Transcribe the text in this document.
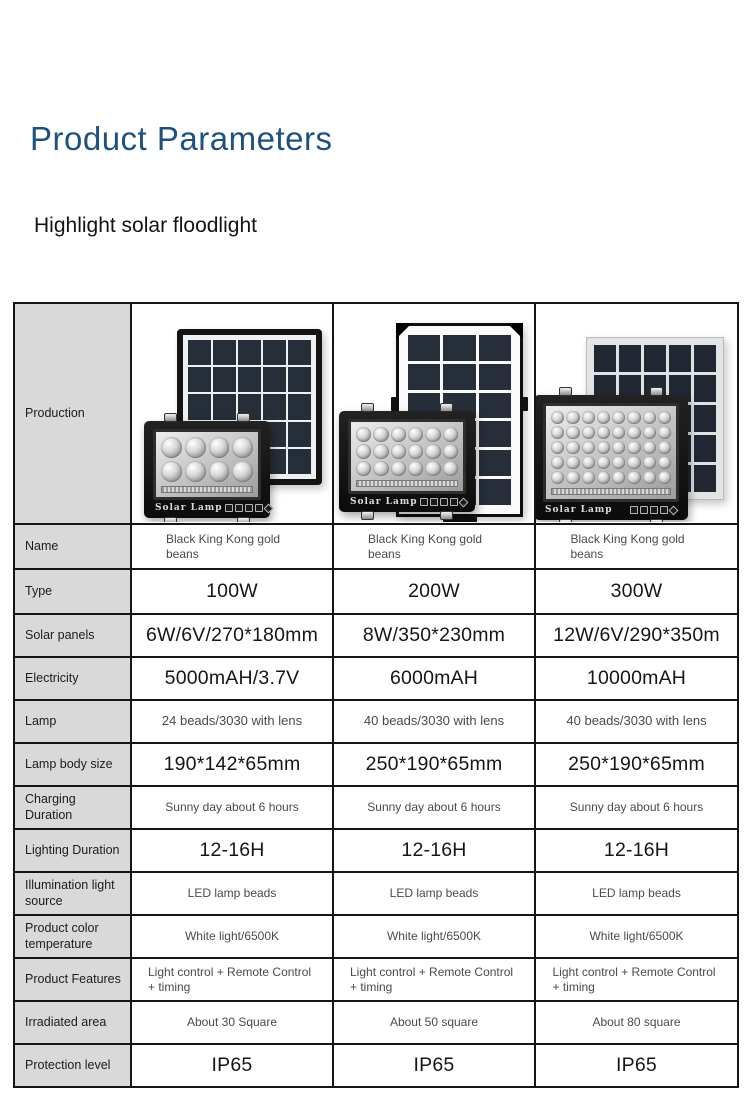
Product Parameters
Highlight solar floodlight
Production	Solar Lamp	Solar Lamp	Solar Lamp

Name	Black King Kong gold beans	Black King Kong gold beans	Black King Kong gold beans
Type	100W	200W	300W
Solar panels	6W/6V/270*180mm	8W/350*230mm	12W/6V/290*350m
Electricity	5000mAH/3.7V	6000mAH	10000mAH
Lamp	24 beads/3030 with lens	40 beads/3030 with lens	40 beads/3030 with lens
Lamp body size	190*142*65mm	250*190*65mm	250*190*65mm
Charging Duration	Sunny day about 6 hours	Sunny day about 6 hours	Sunny day about 6 hours
Lighting Duration	12-16H	12-16H	12-16H
Illumination light source	LED lamp beads	LED lamp beads	LED lamp beads
Product color temperature	White light/6500K	White light/6500K	White light/6500K
Product Features	Light control + Remote Control + timing	Light control + Remote Control + timing	Light control + Remote Control + timing
Irradiated area	About 30 Square	About 50 square	About 80 square
Protection level	IP65	IP65	IP65
